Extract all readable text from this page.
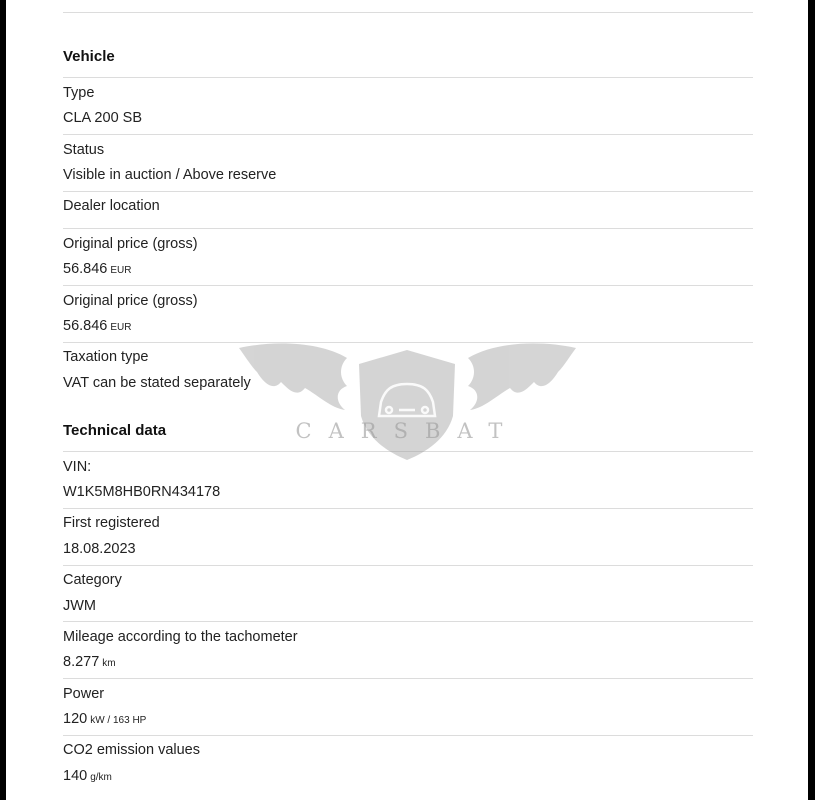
Vehicle
Type
CLA 200 SB
Status
Visible in auction / Above reserve
Dealer location
Original price (gross)
56.846 EUR
Original price (gross)
56.846 EUR
Taxation type
VAT can be stated separately
Technical data
VIN:
W1K5M8HB0RN434178
First registered
18.08.2023
Category
JWM
Mileage according to the tachometer
8.277 km
Power
120 kW / 163 HP
CO2 emission values
140 g/km
CARSBAT
